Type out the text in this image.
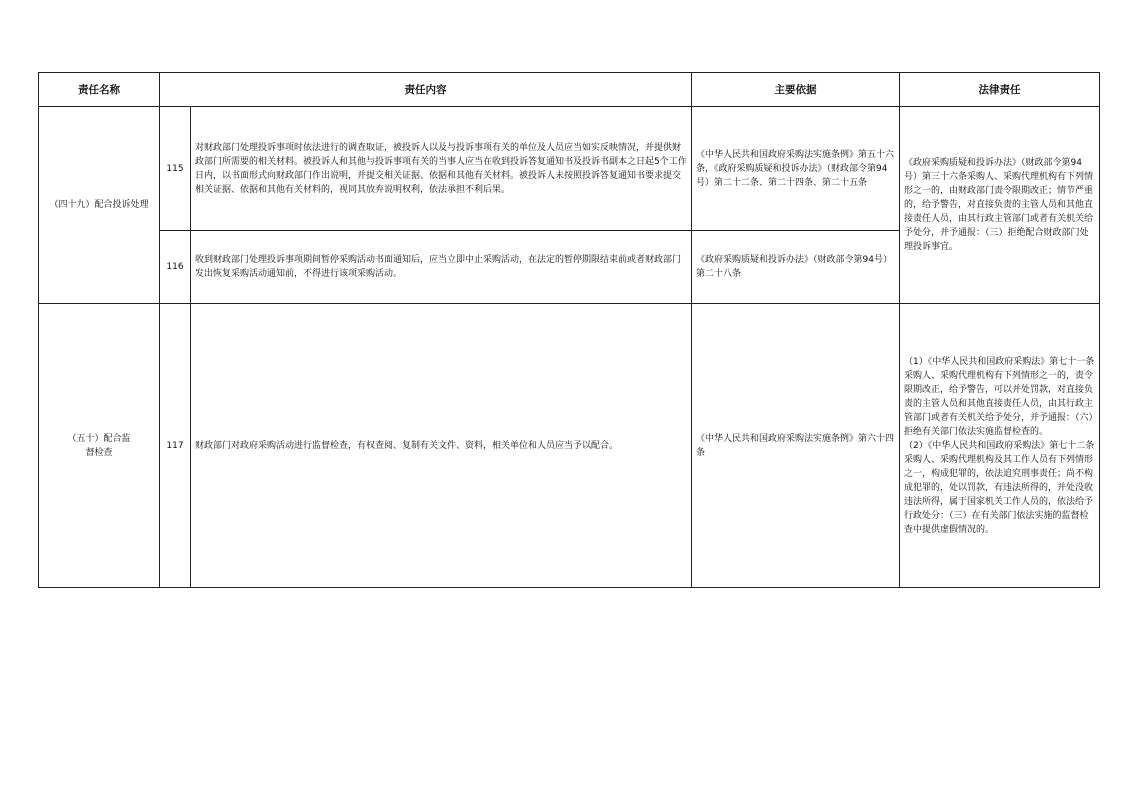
责任名称	责任内容		主要依据	法律责任
（四十九）配合投诉处理	115	对财政部门处理投诉事项时依法进行的调查取证，被投诉人以及与投诉事项有关的单位及人员应当如实反映情况，并提供财政部门所需要的相关材料。被投诉人和其他与投诉事项有关的当事人应当在收到投诉答复通知书及投诉书副本之日起5个工作日内，以书面形式向财政部门作出说明，并提交相关证据、依据和其他有关材料。被投诉人未按照投诉答复通知书要求提交相关证据、依据和其他有关材料的，视同其放弃说明权利，依法承担不利后果。	《中华人民共和国政府采购法实施条例》第五十六条，《政府采购质疑和投诉办法》（财政部令第94号）第二十二条、第二十四条、第二十五条	《政府采购质疑和投诉办法》（财政部令第94号）第三十六条采购人、采购代理机构有下列情形之一的，由财政部门责令限期改正；情节严重的，给予警告，对直接负责的主管人员和其他直接责任人员，由其行政主管部门或者有关机关给予处分，并予通报：（三）拒绝配合财政部门处理投诉事宜。
	116	收到财政部门处理投诉事项期间暂停采购活动书面通知后，应当立即中止采购活动，在法定的暂停期限结束前或者财政部门发出恢复采购活动通知前，不得进行该项采购活动。	《政府采购质疑和投诉办法》（财政部令第94号）第二十八条	
（五十）配合监督检查	117	财政部门对政府采购活动进行监督检查，有权查阅、复制有关文件、资料，相关单位和人员应当予以配合。	《中华人民共和国政府采购法实施条例》第六十四条	（1）《中华人民共和国政府采购法》第七十一条采购人、采购代理机构有下列情形之一的，责令限期改正，给予警告，可以并处罚款，对直接负责的主管人员和其他直接责任人员，由其行政主管部门或者有关机关给予处分，并予通报：（六）拒绝有关部门依法实施监督检查的。
（2）《中华人民共和国政府采购法》第七十二条采购人、采购代理机构及其工作人员有下列情形之一，构成犯罪的，依法追究刑事责任；尚不构成犯罪的，处以罚款，有违法所得的，并处没收违法所得，属于国家机关工作人员的，依法给予行政处分：（三）在有关部门依法实施的监督检查中提供虚假情况的。
